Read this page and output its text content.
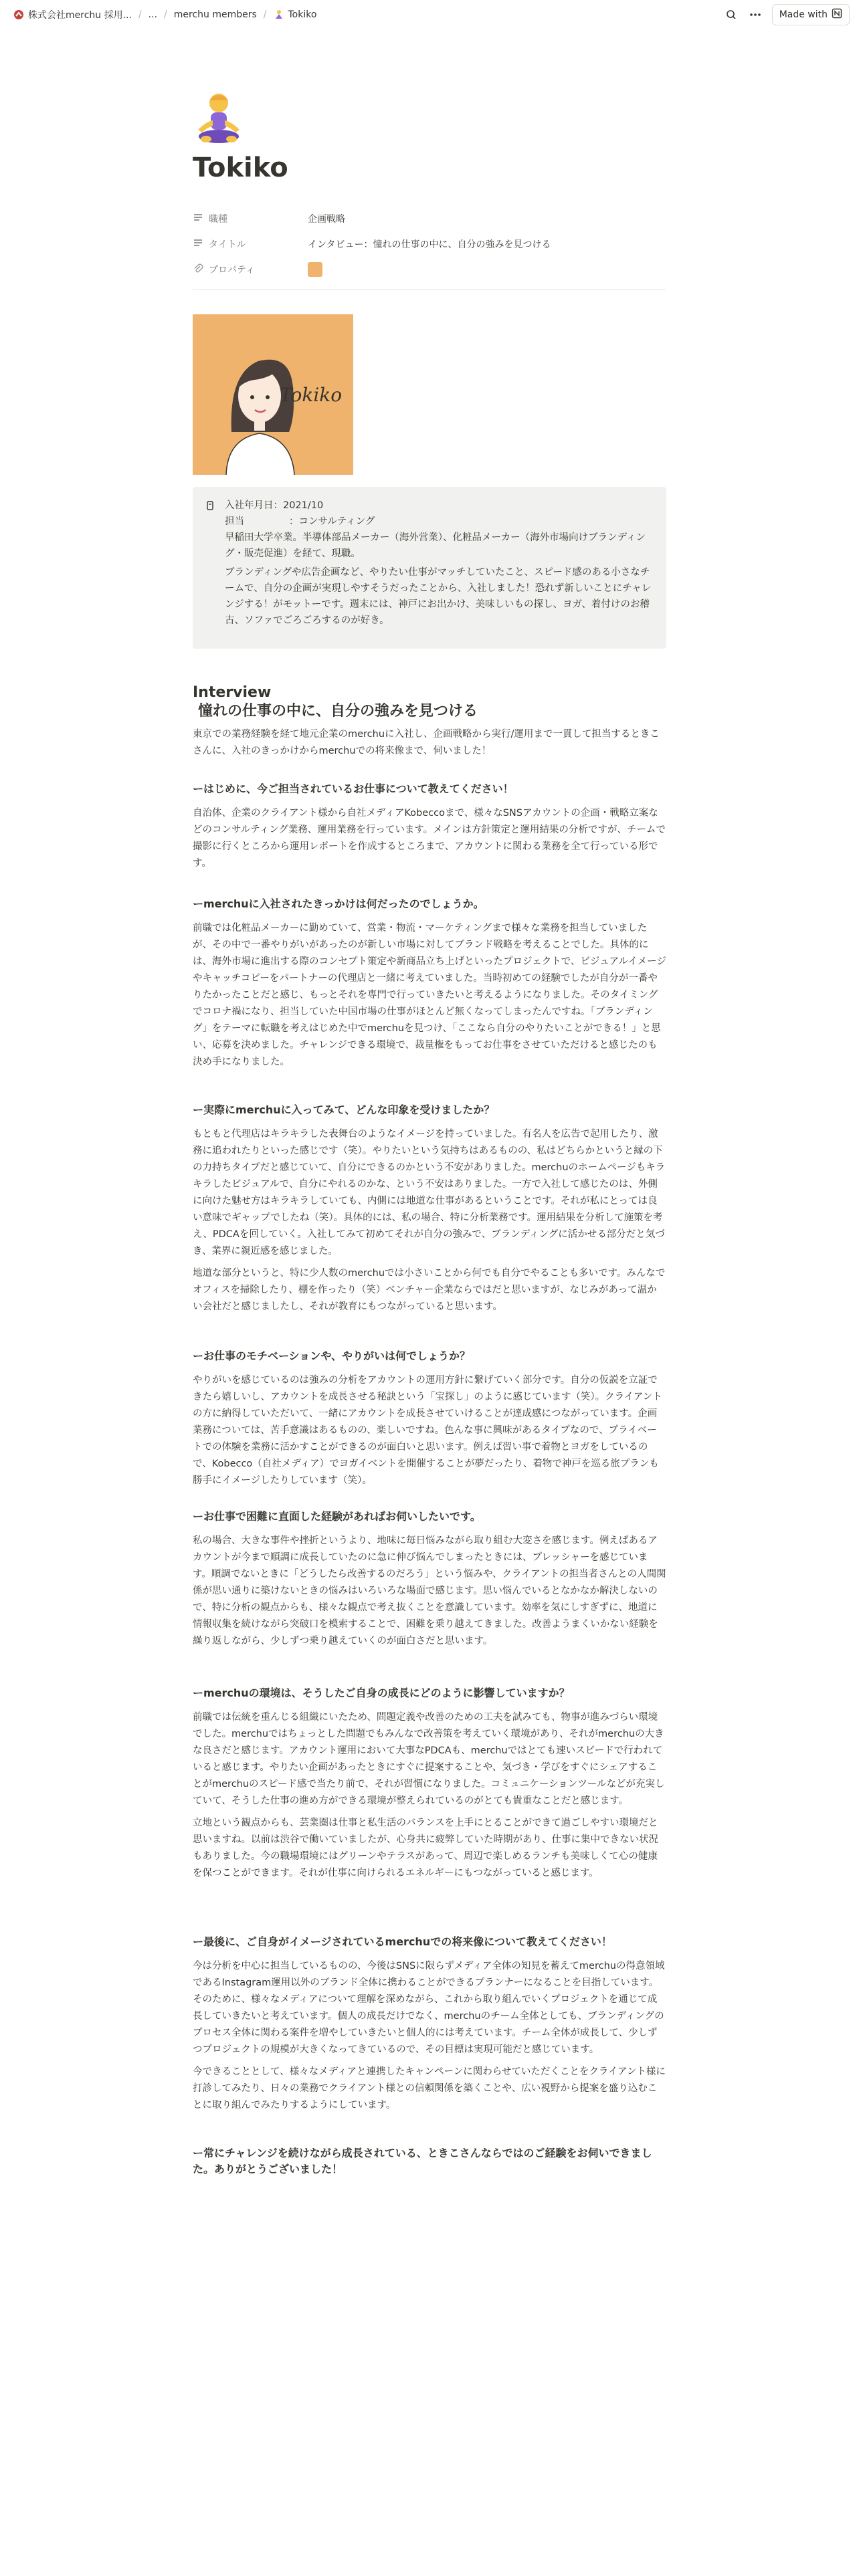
株式会社merchu 採用... / ... / merchu members / Tokiko	Made with
Tokiko
職種	企画戦略
タイトル	インタビュー：憧れの仕事の中に、自分の強みを見つける
プロパティ
Tokiko

入社年月日：2021/10

担当	：コンサルティング

早稲田大学卒業。半導体部品メーカー（海外営業）、化粧品メーカー（海外市場向けブランディング・販売促進）を経て、現職。

ブランディングや広告企画など、やりたい仕事がマッチしていたこと、スピード感のある小さなチームで、自分の企画が実現しやすそうだったことから、入社しました！恐れず新しいことにチャレンジする！がモットーです。週末には、神戸にお出かけ、美味しいもの探し、ヨガ、着付けのお稽古、ソファでごろごろするのが好き。

Interview
憧れの仕事の中に、自分の強みを見つける
東京での業務経験を経て地元企業のmerchuに入社し、企画戦略から実行/運用まで一貫して担当するときこさんに、入社のきっかけからmerchuでの将来像まで、伺いました！
ーはじめに、今ご担当されているお仕事について教えてください！
自治体、企業のクライアント様から自社メディアKobeccoまで、様々なSNSアカウントの企画・戦略立案などのコンサルティング業務、運用業務を行っています。メインは方針策定と運用結果の分析ですが、チームで撮影に行くところから運用レポートを作成するところまで、アカウントに関わる業務を全て行っている形です。
ーmerchuに入社されたきっかけは何だったのでしょうか。
前職では化粧品メーカーに勤めていて、営業・物流・マーケティングまで様々な業務を担当していましたが、その中で一番やりがいがあったのが新しい市場に対してブランド戦略を考えることでした。具体的には、海外市場に進出する際のコンセプト策定や新商品立ち上げといったプロジェクトで、ビジュアルイメージやキャッチコピーをパートナーの代理店と一緒に考えていました。当時初めての経験でしたが自分が一番やりたかったことだと感じ、もっとそれを専門で行っていきたいと考えるようになりました。そのタイミングでコロナ禍になり、担当していた中国市場の仕事がほとんど無くなってしまったんですね。「ブランディング」をテーマに転職を考えはじめた中でmerchuを見つけ、「ここなら自分のやりたいことができる！」と思い、応募を決めました。チャレンジできる環境で、裁量権をもってお仕事をさせていただけると感じたのも決め手になりました。
ー実際にmerchuに入ってみて、どんな印象を受けましたか？
もともと代理店はキラキラした表舞台のようなイメージを持っていました。有名人を広告で起用したり、激務に追われたりといった感じです（笑）。やりたいという気持ちはあるものの、私はどちらかというと縁の下の力持ちタイプだと感じていて、自分にできるのかという不安がありました。merchuのホームページもキラキラしたビジュアルで、自分にやれるのかな、という不安はありました。一方で入社して感じたのは、外側に向けた魅せ方はキラキラしていても、内側には地道な仕事があるということです。それが私にとっては良い意味でギャップでしたね（笑）。具体的には、私の場合、特に分析業務です。運用結果を分析して施策を考え、PDCAを回していく。入社してみて初めてそれが自分の強みで、ブランディングに活かせる部分だと気づき、業界に親近感を感じました。
地道な部分というと、特に少人数のmerchuでは小さいことから何でも自分でやることも多いです。みんなでオフィスを掃除したり、棚を作ったり（笑）ベンチャー企業ならではだと思いますが、なじみがあって温かい会社だと感じましたし、それが教育にもつながっていると思います。
ーお仕事のモチベーションや、やりがいは何でしょうか？
やりがいを感じているのは強みの分析をアカウントの運用方針に繋げていく部分です。自分の仮説を立証できたら嬉しいし、アカウントを成長させる秘訣という「宝探し」のように感じています（笑）。クライアントの方に納得していただいて、一緒にアカウントを成長させていけることが達成感につながっています。企画業務については、苦手意識はあるものの、楽しいですね。色んな事に興味があるタイプなので、プライベートでの体験を業務に活かすことができるのが面白いと思います。例えば習い事で着物とヨガをしているので、Kobecco（自社メディア）でヨガイベントを開催することが夢だったり、着物で神戸を巡る旅プランも勝手にイメージしたりしています（笑）。
ーお仕事で困難に直面した経験があればお伺いしたいです。
私の場合、大きな事件や挫折というより、地味に毎日悩みながら取り組む大変さを感じます。例えばあるアカウントが今まで順調に成長していたのに急に伸び悩んでしまったときには、プレッシャーを感じています。順調でないときに「どうしたら改善するのだろう」という悩みや、クライアントの担当者さんとの人間関係が思い通りに築けないときの悩みはいろいろな場面で感じます。思い悩んでいるとなかなか解決しないので、特に分析の観点からも、様々な観点で考え抜くことを意識しています。効率を気にしすぎずに、地道に情報収集を続けながら突破口を模索することで、困難を乗り越えてきました。改善ようまくいかない経験を繰り返しながら、少しずつ乗り越えていくのが面白さだと思います。
ーmerchuの環境は、そうしたご自身の成長にどのように影響していますか？
前職では伝統を重んじる組織にいたため、問題定義や改善のための工夫を試みても、物事が進みづらい環境でした。merchuではちょっとした問題でもみんなで改善策を考えていく環境があり、それがmerchuの大きな良さだと感じます。アカウント運用において大事なPDCAも、merchuではとても速いスピードで行われていると感じます。やりたい企画があったときにすぐに提案することや、気づき・学びをすぐにシェアすることがmerchuのスピード感で当たり前で、それが習慣になりました。コミュニケーションツールなどが充実していて、そうした仕事の進め方ができる環境が整えられているのがとても貴重なことだと感じます。
立地という観点からも、芸業圏は仕事と私生活のバランスを上手にとることができて過ごしやすい環境だと思いますね。以前は渋谷で働いていましたが、心身共に疲弊していた時期があり、仕事に集中できない状況もありました。今の職場環境にはグリーンやテラスがあって、周辺で楽しめるランチも美味しくて心の健康を保つことができます。それが仕事に向けられるエネルギーにもつながっていると感じます。
ー最後に、ご自身がイメージされているmerchuでの将来像について教えてください！
今は分析を中心に担当しているものの、今後はSNSに限らずメディア全体の知見を蓄えてmerchuの得意領域であるInstagram運用以外のブランド全体に携わることができるプランナーになることを目指しています。そのために、様々なメディアについて理解を深めながら、これから取り組んでいくプロジェクトを通じて成長していきたいと考えています。個人の成長だけでなく、merchuのチーム全体としても、ブランディングのプロセス全体に関わる案件を増やしていきたいと個人的には考えています。チーム全体が成長して、少しずつプロジェクトの規模が大きくなってきているので、その目標は実現可能だと感じています。
今できることとして、様々なメディアと連携したキャンペーンに関わらせていただくことをクライアント様に打診してみたり、日々の業務でクライアント様との信頼関係を築くことや、広い視野から提案を盛り込むことに取り組んでみたりするようにしています。
ー常にチャレンジを続けながら成長されている、ときこさんならではのご経験をお伺いできました。ありがとうございました！
